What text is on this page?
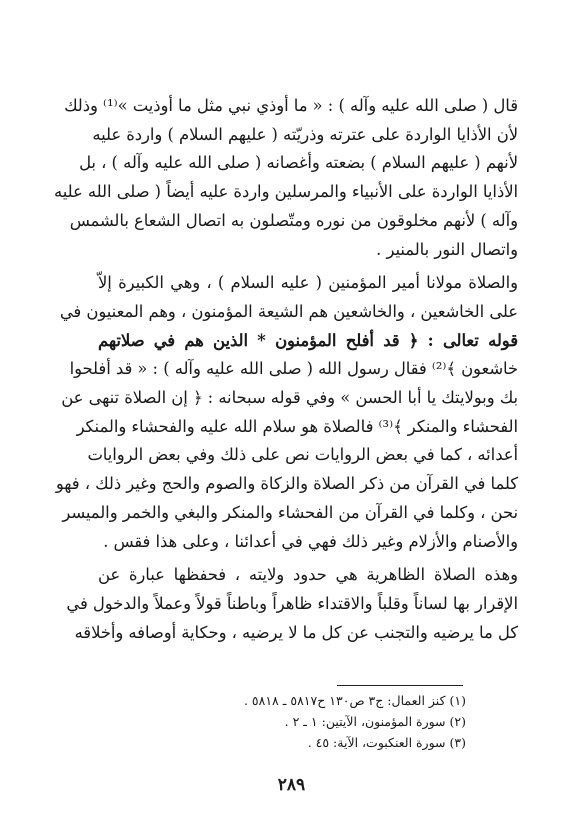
قال ( صلى الله عليه وآله ) : « ما أوذي نبي مثل ما أوذيت »⁽¹⁾ وذلك
لأن الأذايا الواردة على عترته وذريّته ( عليهم السلام ) واردة عليه
لأنهم ( عليهم السلام ) بضعته وأغصانه ( صلى الله عليه وآله ) ، بل
الأذايا الواردة على الأنبياء والمرسلين واردة عليه أيضاً ( صلى الله عليه
وآله ) لأنهم مخلوقون من نوره ومتّصلون به اتصال الشعاع بالشمس
واتصال النور بالمنير .
والصلاة مولانا أمير المؤمنين ( عليه السلام ) ، وهي الكبيرة إلاّ
على الخاشعين ، والخاشعين هم الشيعة المؤمنون ، وهم المعنيون في
قوله تعالى : ﴿ قد أفلح المؤمنون * الذين هم في صلاتهم
خاشعون ﴾⁽²⁾ فقال رسول الله ( صلى الله عليه وآله ) : « قد أفلحوا
بك وبولايتك يا أبا الحسن » وفي قوله سبحانه : ﴿ إن الصلاة تنهى عن
الفحشاء والمنكر ﴾⁽³⁾ فالصلاة هو سلام الله عليه والفحشاء والمنكر
أعدائه ، كما في بعض الروايات نص على ذلك وفي بعض الروايات
كلما في القرآن من ذكر الصلاة والزكاة والصوم والحج وغير ذلك ، فهو
نحن ، وكلما في القرآن من الفحشاء والمنكر والبغي والخمر والميسر
والأصنام والأزلام وغير ذلك فهي في أعدائنا ، وعلى هذا فقس .
وهذه الصلاة الظاهرية هي حدود ولايته ، فحفظها عبارة عن
الإقرار بها لساناً وقلباً والاقتداء ظاهراً وباطناً قولاً وعملاً والدخول في
كل ما يرضيه والتجنب عن كل ما لا يرضيه ، وحكاية أوصافه وأخلاقه
(١) كنز العمال: ج٣ ص١٣٠ ح٥٨١٧ ـ ٥٨١٨ .
(٢) سورة المؤمنون، الآيتين: ١ ـ ٢ .
(٣) سورة العنكبوت، الآية: ٤٥ .
٢٨٩
